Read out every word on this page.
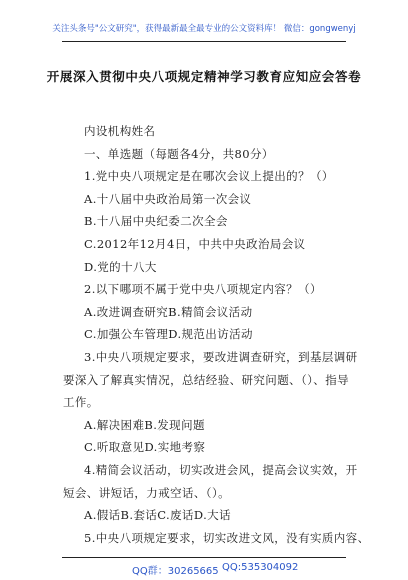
关注头条号"公文研究"，获得最新最全最专业的公文资料库！ 微信：gongwenyj
开展深入贯彻中央八项规定精神学习教育应知应会答卷
内设机构姓名
一、单选题（每题各4分，共80分）
1.党中央八项规定是在哪次会议上提出的？（）
A.十八届中央政治局第一次会议
B.十八届中央纪委二次全会
C.2012年12月4日，中共中央政治局会议
D.党的十八大
2.以下哪项不属于党中央八项规定内容？（）
A.改进调查研究B.精简会议活动
C.加强公车管理D.规范出访活动
3.中央八项规定要求，要改进调查研究，到基层调研
要深入了解真实情况，总结经验、研究问题、（）、指导
工作。
A.解决困难B.发现问题
C.听取意见D.实地考察
4.精简会议活动，切实改进会风，提高会议实效，开
短会、讲短话，力戒空话、（）。
A.假话B.套话C.废话D.大话
5.中央八项规定要求，切实改进文风，没有实质内容、
QQ群：30265665 QQ:535304092
